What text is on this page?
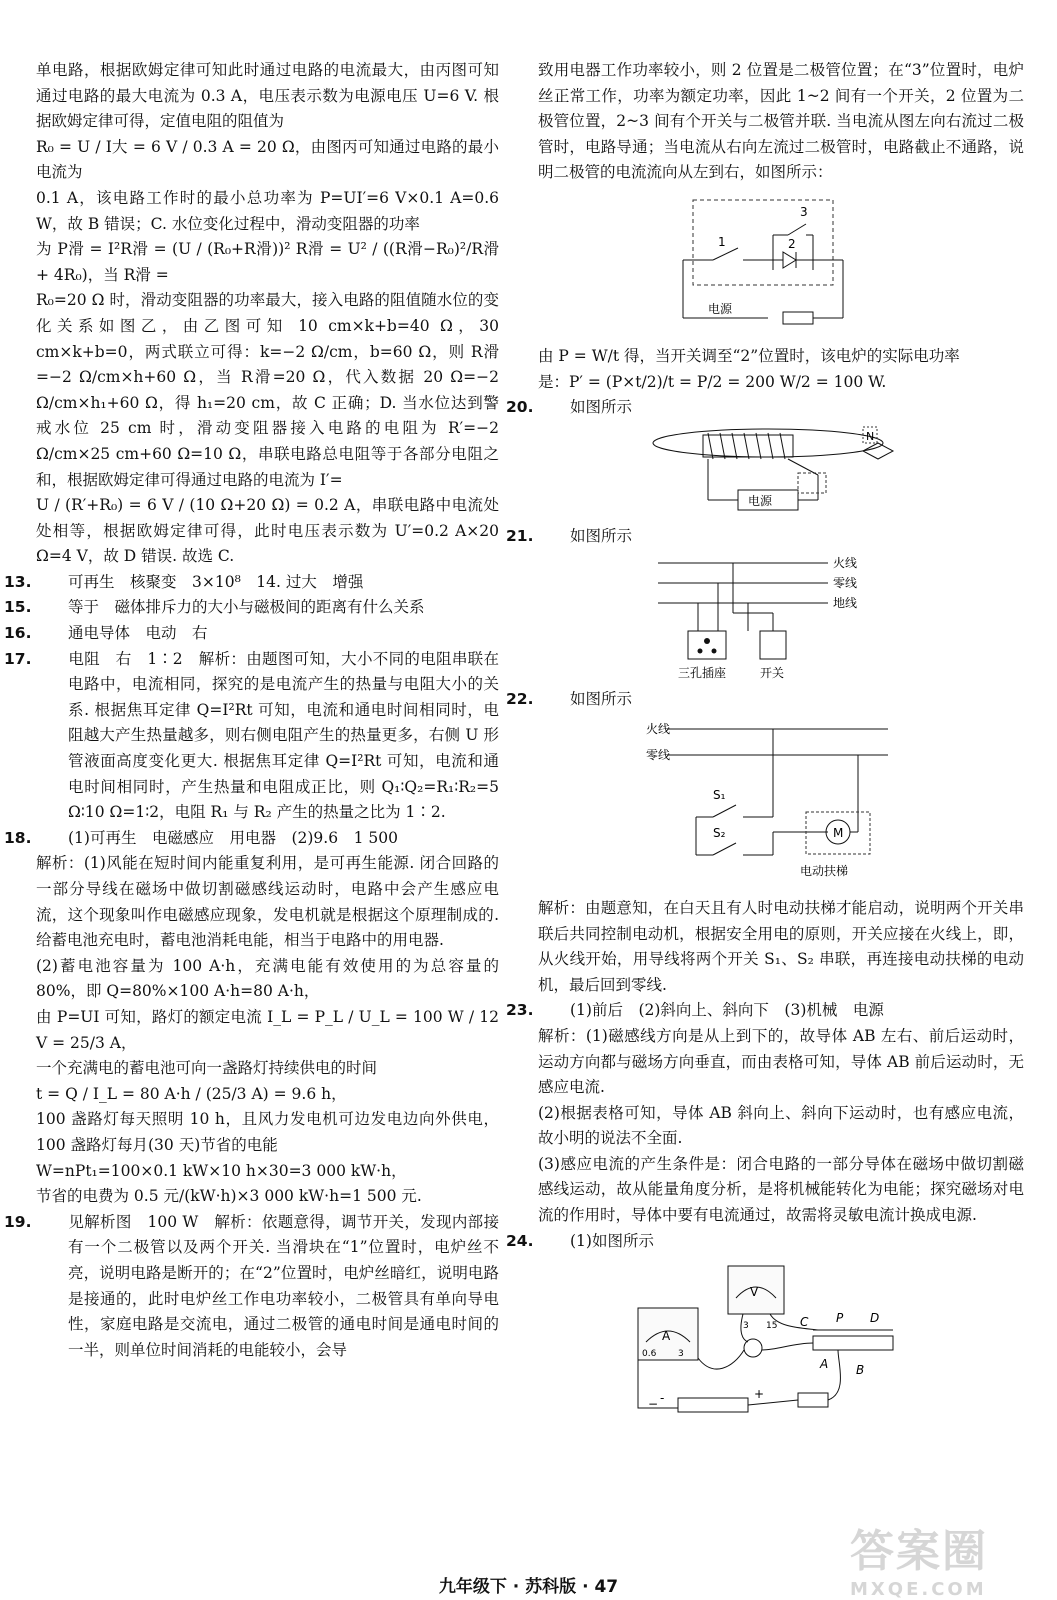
单电路，根据欧姆定律可知此时通过电路的电流最大，由丙图可知通过电路的最大电流为 0.3 A，电压表示数为电源电压 U=6 V. 根据欧姆定律可得，定值电阻的阻值为

R₀ = U / I大 = 6 V / 0.3 A = 20 Ω，由图丙可知通过电路的最小电流为

0.1 A，该电路工作时的最小总功率为 P=UI′=6 V×0.1 A=0.6 W，故 B 错误；C. 水位变化过程中，滑动变阻器的功率

为 P滑 = I²R滑 = (U / (R₀+R滑))² R滑 = U² / ((R滑−R₀)²/R滑 + 4R₀)，当 R滑 =

R₀=20 Ω 时，滑动变阻器的功率最大，接入电路的阻值随水位的变化关系如图乙，由乙图可知 10 cm×k+b=40 Ω，30 cm×k+b=0，两式联立可得：k=−2 Ω/cm，b=60 Ω，则 R滑=−2 Ω/cm×h+60 Ω，当 R滑=20 Ω，代入数据 20 Ω=−2 Ω/cm×h₁+60 Ω，得 h₁=20 cm，故 C 正确；D. 当水位达到警戒水位 25 cm 时，滑动变阻器接入电路的电阻为 R′=−2 Ω/cm×25 cm+60 Ω=10 Ω，串联电路总电阻等于各部分电阻之和，根据欧姆定律可得通过电路的电流为 I′=

U / (R′+R₀) = 6 V / (10 Ω+20 Ω) = 0.2 A，串联电路中电流处处相等，根据欧姆定律可得，此时电压表示数为 U′=0.2 A×20 Ω=4 V，故 D 错误. 故选 C.

13. 可再生　核聚变　3×10⁸　14. 过大　增强

15. 等于　磁体排斥力的大小与磁极间的距离有什么关系

16. 通电导体　电动　右

17. 电阻　右　1∶2　解析：由题图可知，大小不同的电阻串联在电路中，电流相同，探究的是电流产生的热量与电阻大小的关系. 根据焦耳定律 Q=I²Rt 可知，电流和通电时间相同时，电阻越大产生热量越多，则右侧电阻产生的热量更多，右侧 U 形管液面高度变化更大. 根据焦耳定律 Q=I²Rt 可知，电流和通电时间相同时，产生热量和电阻成正比，则 Q₁∶Q₂=R₁∶R₂=5 Ω∶10 Ω=1∶2，电阻 R₁ 与 R₂ 产生的热量之比为 1∶2.

18. (1)可再生　电磁感应　用电器　(2)9.6　1 500

解析：(1)风能在短时间内能重复利用，是可再生能源. 闭合回路的一部分导线在磁场中做切割磁感线运动时，电路中会产生感应电流，这个现象叫作电磁感应现象，发电机就是根据这个原理制成的. 给蓄电池充电时，蓄电池消耗电能，相当于电路中的用电器.

(2)蓄电池容量为 100 A·h，充满电能有效使用的为总容量的 80%，即 Q=80%×100 A·h=80 A·h，

由 P=UI 可知，路灯的额定电流 I_L = P_L / U_L = 100 W / 12 V = 25/3 A，

一个充满电的蓄电池可向一盏路灯持续供电的时间

t = Q / I_L = 80 A·h / (25/3 A) = 9.6 h，

100 盏路灯每天照明 10 h，且风力发电机可边发电边向外供电，100 盏路灯每月(30 天)节省的电能

W=nPt₁=100×0.1 kW×10 h×30=3 000 kW·h，

节省的电费为 0.5 元/(kW·h)×3 000 kW·h=1 500 元.

19. 见解析图　100 W　解析：依题意得，调节开关，发现内部接有一个二极管以及两个开关. 当滑块在“1”位置时，电炉丝不亮，说明电路是断开的；在“2”位置时，电炉丝暗红，说明电路是接通的，此时电炉丝工作电功率较小，二极管具有单向导电性，家庭电路是交流电，通过二极管的通电时间是通电时间的一半，则单位时间消耗的电能较小，会导

致用电器工作功率较小，则 2 位置是二极管位置；在“3”位置时，电炉丝正常工作，功率为额定功率，因此 1~2 间有一个开关，2 位置为二极管位置，2~3 间有个开关与二极管并联. 当电流从图左向右流过二极管时，电路导通；当电流从右向左流过二极管时，电路截止不通路，说明二极管的电流流向从左到右，如图所示：

1	2
3
电源

由 P = W/t 得，当开关调至“2”位置时，该电炉的实际电功率

是：P′ = (P×t/2)/t = P/2 = 200 W/2 = 100 W.

20. 如图所示

电源
N

21. 如图所示

火线
零线
地线
三孔插座	开关

22. 如图所示

火线
零线
S₁
S₂	M
电动扶梯

解析：由题意知，在白天且有人时电动扶梯才能启动，说明两个开关串联后共同控制电动机，根据安全用电的原则，开关应接在火线上，即，从火线开始，用导线将两个开关 S₁、S₂ 串联，再连接电动扶梯的电动机，最后回到零线.

23. (1)前后　(2)斜向上、斜向下　(3)机械　电源

解析：(1)磁感线方向是从上到下的，故导体 AB 左右、前后运动时，运动方向都与磁场方向垂直，而由表格可知，导体 AB 前后运动时，无感应电流.

(2)根据表格可知，导体 AB 斜向上、斜向下运动时，也有感应电流，故小明的说法不全面.

(3)感应电流的产生条件是：闭合电路的一部分导体在磁场中做切割磁感线运动，故从能量角度分析，是将机械能转化为电能；探究磁场对电流的作用时，导体中要有电流通过，故需将灵敏电流计换成电源.

24. (1)如图所示

V
A
0.6 3
3 15 C P D
A B
-	+
−
九年级下 · 苏科版 · 47
答案圈
MXQE.COM
